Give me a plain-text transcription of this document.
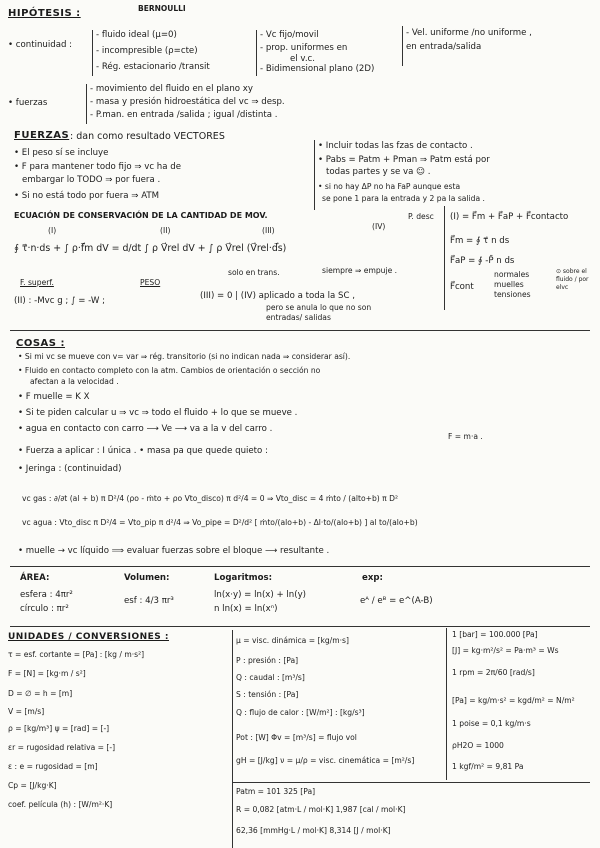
HIPÓTESIS :	BERNOULLI
• continuidad :
- fluido ideal (μ=0)
- incompresible (ρ=cte)
- Rég. estacionario /transit
- Vc fijo/movil
- prop. uniformes en
el v.c.
- Bidimensional plano (2D)
- Vel. uniforme /no uniforme ,
en entrada/salida
• fuerzas
- movimiento del fluido en el plano xy
- masa y presión hidroestática del vc ⇒ desp.
- P.man. en entrada /salida ; igual /distinta .
FUERZAS : dan como resultado VECTORES
• El peso sí se incluye
• F para mantener todo fijo ⇒ vc ha de
embargar lo TODO ⇒ por fuera .
• Si no está todo por fuera ⇒ ATM
• Incluir todas las fzas de contacto .
• Pabs = Patm + Pman ⇒ Patm está por
todas partes y se va ☺ .
• si no hay ΔP no ha FaP aunque esta
se pone 1 para la entrada y 2 pa la salida .
ECUACIÓN DE CONSERVACIÓN DE LA CANTIDAD DE MOV.
(I)	(II)	(III)	(IV)
P. desc
∮ τ⃗·n·ds + ∫ ρ·f⃗m dV = d/dt ∫ ρ V⃗rel dV + ∫ ρ V⃗rel (V⃗rel·d⃗s)
F. superf.	PESO
solo en trans.	siempre ⇒ empuje .
(I) = F⃗m + F⃗aP + F⃗contacto
F⃗m = ∮ τ⃗ n ds
F⃗aP = ∮ -P̄ n ds
F⃗cont
normales
muelles
tensiones
⊙ sobre el fluido / por elvc
(II) : -Mvc g ; ∫ = -W ;	(III) = 0 | (IV) aplicado a toda la SC ,
pero se anula lo que no son
entradas/ salidas
COSAS :
• Si mi vc se mueve con v= var ⇒ rég. transitorio (si no indican nada ⇒ considerar así).
• Fluido en contacto completo con la atm. Cambios de orientación o sección no
afectan a la velocidad .
• F muelle = K X
• Si te piden calcular u ⇒ vc ⇒ todo el fluido + lo que se mueve .
• agua en contacto con carro ⟶ Ve ⟶ va a la v del carro .
F = m·a .
• Fuerza a aplicar : I única . • masa pa que quede quieto :
• Jeringa : (continuidad)
vc gas : ∂/∂t (al + b) π D²/4 (ρo - ṁto + ρo Vto_disco) π d²/4 = 0 ⇒ Vto_disc = 4 ṁto / (alto+b) π D²
vc agua : Vto_disc π D²/4 = Vto_pip π d²/4 ⇒ Vo_pipe = D²/d² [ ṁto/(alo+b) - Δl·to/(alo+b) ] al to/(alo+b)
• muelle → vc líquido ⟹ evaluar fuerzas sobre el bloque ⟶ resultante .
ÁREA:
esfera : 4πr²
círculo : πr²
Volumen:
esf : 4/3 πr³
Logaritmos:
ln(x·y) = ln(x) + ln(y)
n ln(x) = ln(xⁿ)
exp:
eᴬ / eᴮ = e^(A-B)
UNIDADES / CONVERSIONES :
τ = esf. cortante = [Pa] : [kg / m·s²]
F = [N] = [kg·m / s²]
D = ∅ = h = [m]
V = [m/s]
ρ = [kg/m³] ψ = [rad] = [-]
εr = rugosidad relativa = [-]
ε : e = rugosidad = [m]
Cp = [J/kg·K]
coef. película (h) : [W/m²·K]
μ = visc. dinámica = [kg/m·s]
P : presión : [Pa]
Q : caudal : [m³/s]
S : tensión : [Pa]
Q : flujo de calor : [W/m²] : [kg/s³]
Pot : [W] Φv = [m³/s] = flujo vol
gH = [J/kg] ν = μ/ρ = visc. cinemática = [m²/s]
1 [bar] = 100.000 [Pa]
[J] = kg·m²/s² = Pa·m³ = Ws
1 rpm = 2π/60 [rad/s]
[Pa] = kg/m·s² = kgd/m² = N/m²
1 poise = 0,1 kg/m·s
ρH2O = 1000
1 kgf/m² = 9,81 Pa
Patm = 101 325 [Pa]
R = 0,082 [atm·L / mol·K] 1,987 [cal / mol·K]
62,36 [mmHg·L / mol·K] 8,314 [J / mol·K]
